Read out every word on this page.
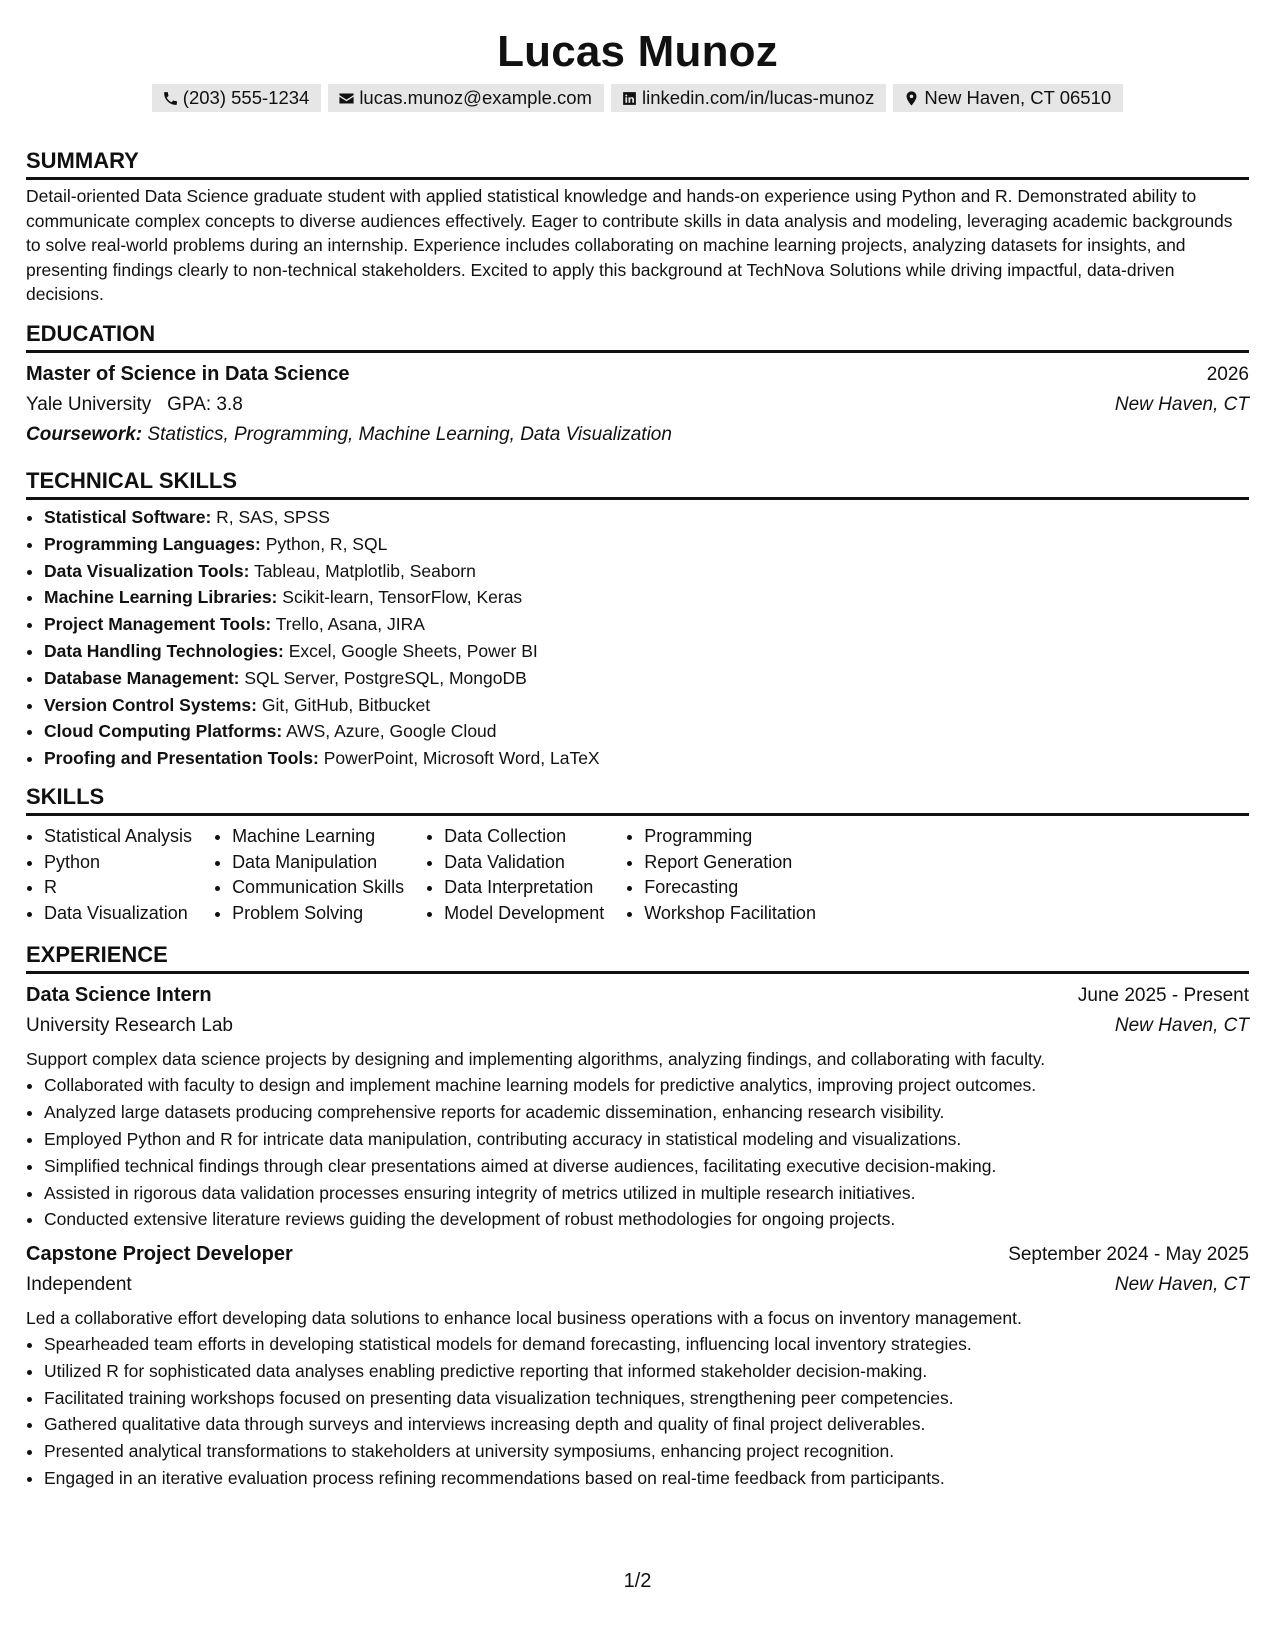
Lucas Munoz
(203) 555-1234	lucas.munoz@example.com	linkedin.com/in/lucas-munoz	New Haven, CT 06510
SUMMARY

Detail-oriented Data Science graduate student with applied statistical knowledge and hands-on experience using Python and R. Demonstrated ability to communicate complex concepts to diverse audiences effectively. Eager to contribute skills in data analysis and modeling, leveraging academic backgrounds to solve real-world problems during an internship. Experience includes collaborating on machine learning projects, analyzing datasets for insights, and presenting findings clearly to non-technical stakeholders. Excited to apply this background at TechNova Solutions while driving impactful, data-driven decisions.

EDUCATION
Master of Science in Data Science	2026
Yale University GPA: 3.8	New Haven, CT
Coursework: Statistics, Programming, Machine Learning, Data Visualization
TECHNICAL SKILLS
• Statistical Software: R, SAS, SPSS
• Programming Languages: Python, R, SQL
• Data Visualization Tools: Tableau, Matplotlib, Seaborn
• Machine Learning Libraries: Scikit-learn, TensorFlow, Keras
• Project Management Tools: Trello, Asana, JIRA
• Data Handling Technologies: Excel, Google Sheets, Power BI
• Database Management: SQL Server, PostgreSQL, MongoDB
• Version Control Systems: Git, GitHub, Bitbucket
• Cloud Computing Platforms: AWS, Azure, Google Cloud
• Proofing and Presentation Tools: PowerPoint, Microsoft Word, LaTeX
SKILLS
• Statistical Analysis
• Python
• R
• Data Visualization
• Machine Learning
• Data Manipulation
• Communication Skills
• Problem Solving
• Data Collection
• Data Validation
• Data Interpretation
• Model Development
• Programming
• Report Generation
• Forecasting
• Workshop Facilitation
EXPERIENCE
Data Science Intern	June 2025 - Present
University Research Lab	New Haven, CT

Support complex data science projects by designing and implementing algorithms, analyzing findings, and collaborating with faculty.

• Collaborated with faculty to design and implement machine learning models for predictive analytics, improving project outcomes.
• Analyzed large datasets producing comprehensive reports for academic dissemination, enhancing research visibility.
• Employed Python and R for intricate data manipulation, contributing accuracy in statistical modeling and visualizations.
• Simplified technical findings through clear presentations aimed at diverse audiences, facilitating executive decision-making.
• Assisted in rigorous data validation processes ensuring integrity of metrics utilized in multiple research initiatives.
• Conducted extensive literature reviews guiding the development of robust methodologies for ongoing projects.
Capstone Project Developer	September 2024 - May 2025
Independent	New Haven, CT

Led a collaborative effort developing data solutions to enhance local business operations with a focus on inventory management.

• Spearheaded team efforts in developing statistical models for demand forecasting, influencing local inventory strategies.
• Utilized R for sophisticated data analyses enabling predictive reporting that informed stakeholder decision-making.
• Facilitated training workshops focused on presenting data visualization techniques, strengthening peer competencies.
• Gathered qualitative data through surveys and interviews increasing depth and quality of final project deliverables.
• Presented analytical transformations to stakeholders at university symposiums, enhancing project recognition.
• Engaged in an iterative evaluation process refining recommendations based on real-time feedback from participants.
1/2
